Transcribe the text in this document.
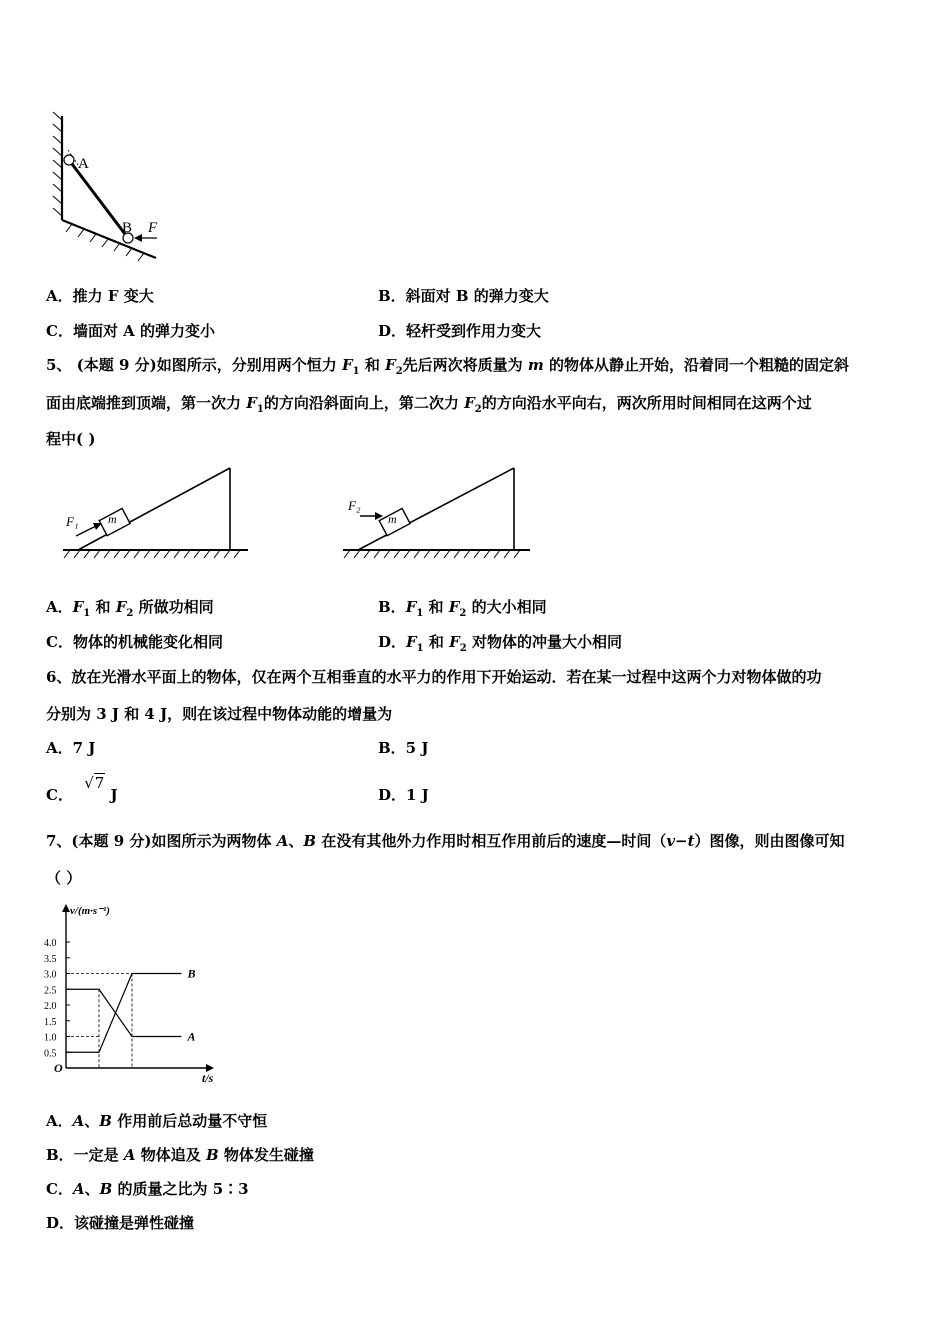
A
B F
A．推力 F 变大	B．斜面对 B 的弹力变大
C．墙面对 A 的弹力变小	D．轻杆受到作用力变大
5、 (本题 9 分)如图所示，分别用两个恒力 $F_1$ 和 $F_2$先后两次将质量为 m 的物体从静止开始，沿着同一个粗糙的固定斜
面由底端推到顶端，第一次力 $F_1$的方向沿斜面向上，第二次力 $F_2$的方向沿水平向右，两次所用时间相同在这两个过
程中( )
m
F₁	m
F₂
A．$F_1$ 和 $F_2$ 所做功相同	B．$F_1$ 和 $F_2$ 的大小相同
C．物体的机械能变化相同	D．$F_1$ 和 $F_2$ 对物体的冲量大小相同
6、放在光滑水平面上的物体，仅在两个互相垂直的水平力的作用下开始运动．若在某一过程中这两个力对物体做的功
分别为 3 J 和 4 J，则在该过程中物体动能的增量为
A．7 J	B．5 J
C． √7 J	D．1 J
7、(本题 9 分)如图所示为两物体 A、B 在没有其他外力作用时相互作用前后的速度—时间（v−t）图像，则由图像可知
（ ）
v/(m·s⁻¹)
t/s
O
0.5
1.0
1.5
2.0
2.5
3.0
3.5
4.0
A
B
A．A、B 作用前后总动量不守恒
B．一定是 A 物体追及 B 物体发生碰撞
C．A、B 的质量之比为 5∶3
D．该碰撞是弹性碰撞
